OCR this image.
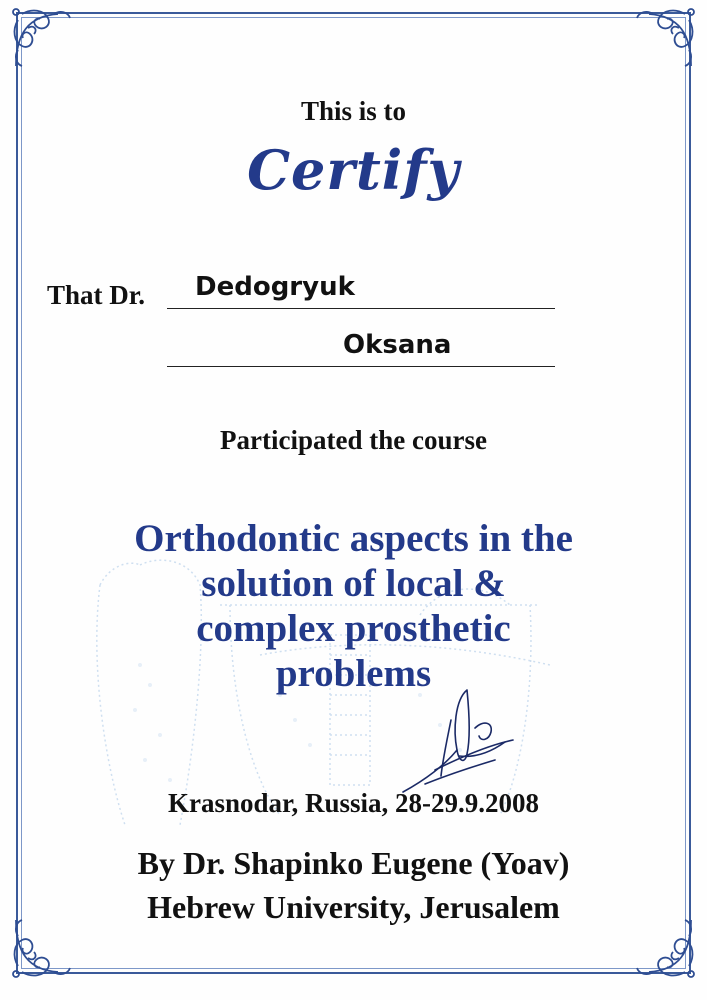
This is to
Certify
That Dr. Dedogryuk
Oksana
Participated the course
Orthodontic aspects in the
solution of local &
complex prosthetic
problems
Krasnodar, Russia, 28-29.9.2008
By Dr. Shapinko Eugene (Yoav)
Hebrew University, Jerusalem
